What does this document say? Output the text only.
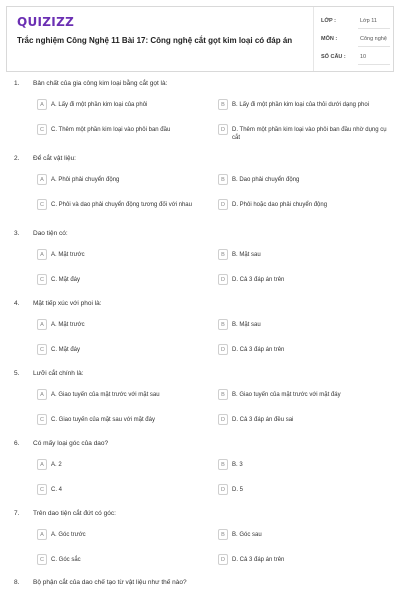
QUIZIZZ
Trắc nghiệm Công Nghệ 11 Bài 17: Công nghệ cắt gọt kim loại có đáp án
LỚP :	Lớp 11
MÔN :	Công nghệ
SỐ CÂU :	10
1. Bản chất của gia công kim loại bằng cắt gọt là:
A	A. Lấy đi một phần kim loại của phôi	B	B. Lấy đi một phần kim loại của thỏi dưới dạng phoi
C	C. Thêm một phần kim loại vào phôi ban đầu	D	D. Thêm một phần kim loại vào phôi ban đầu nhờ dụng cụ cắt
2. Để cắt vật liệu:
A	A. Phôi phải chuyển động	B	B. Dao phải chuyển động
C	C. Phôi và dao phải chuyển động tương đối với nhau	D	D. Phôi hoặc dao phải chuyển động
3. Dao tiện có:
A	A. Mặt trước	B	B. Mặt sau
C	C. Mặt đáy	D	D. Cả 3 đáp án trên
4. Mặt tiếp xúc với phoi là:
A	A. Mặt trước	B	B. Mặt sau
C	C. Mặt đáy	D	D. Cả 3 đáp án trên
5. Lưỡi cắt chính là:
A	A. Giao tuyến của mặt trước với mặt sau	B	B. Giao tuyến của mặt trước với mặt đáy
C	C. Giao tuyến của mặt sau với mặt đáy	D	D. Cả 3 đáp án đều sai
6. Có mấy loại góc của dao?
A	A. 2	B	B. 3
C	C. 4	D	D. 5
7. Trên dao tiện cắt đứt có góc:
A	A. Góc trước	B	B. Góc sau
C	C. Góc sắc	D	D. Cả 3 đáp án trên
8. Bộ phận cắt của dao chế tạo từ vật liệu như thế nào?
